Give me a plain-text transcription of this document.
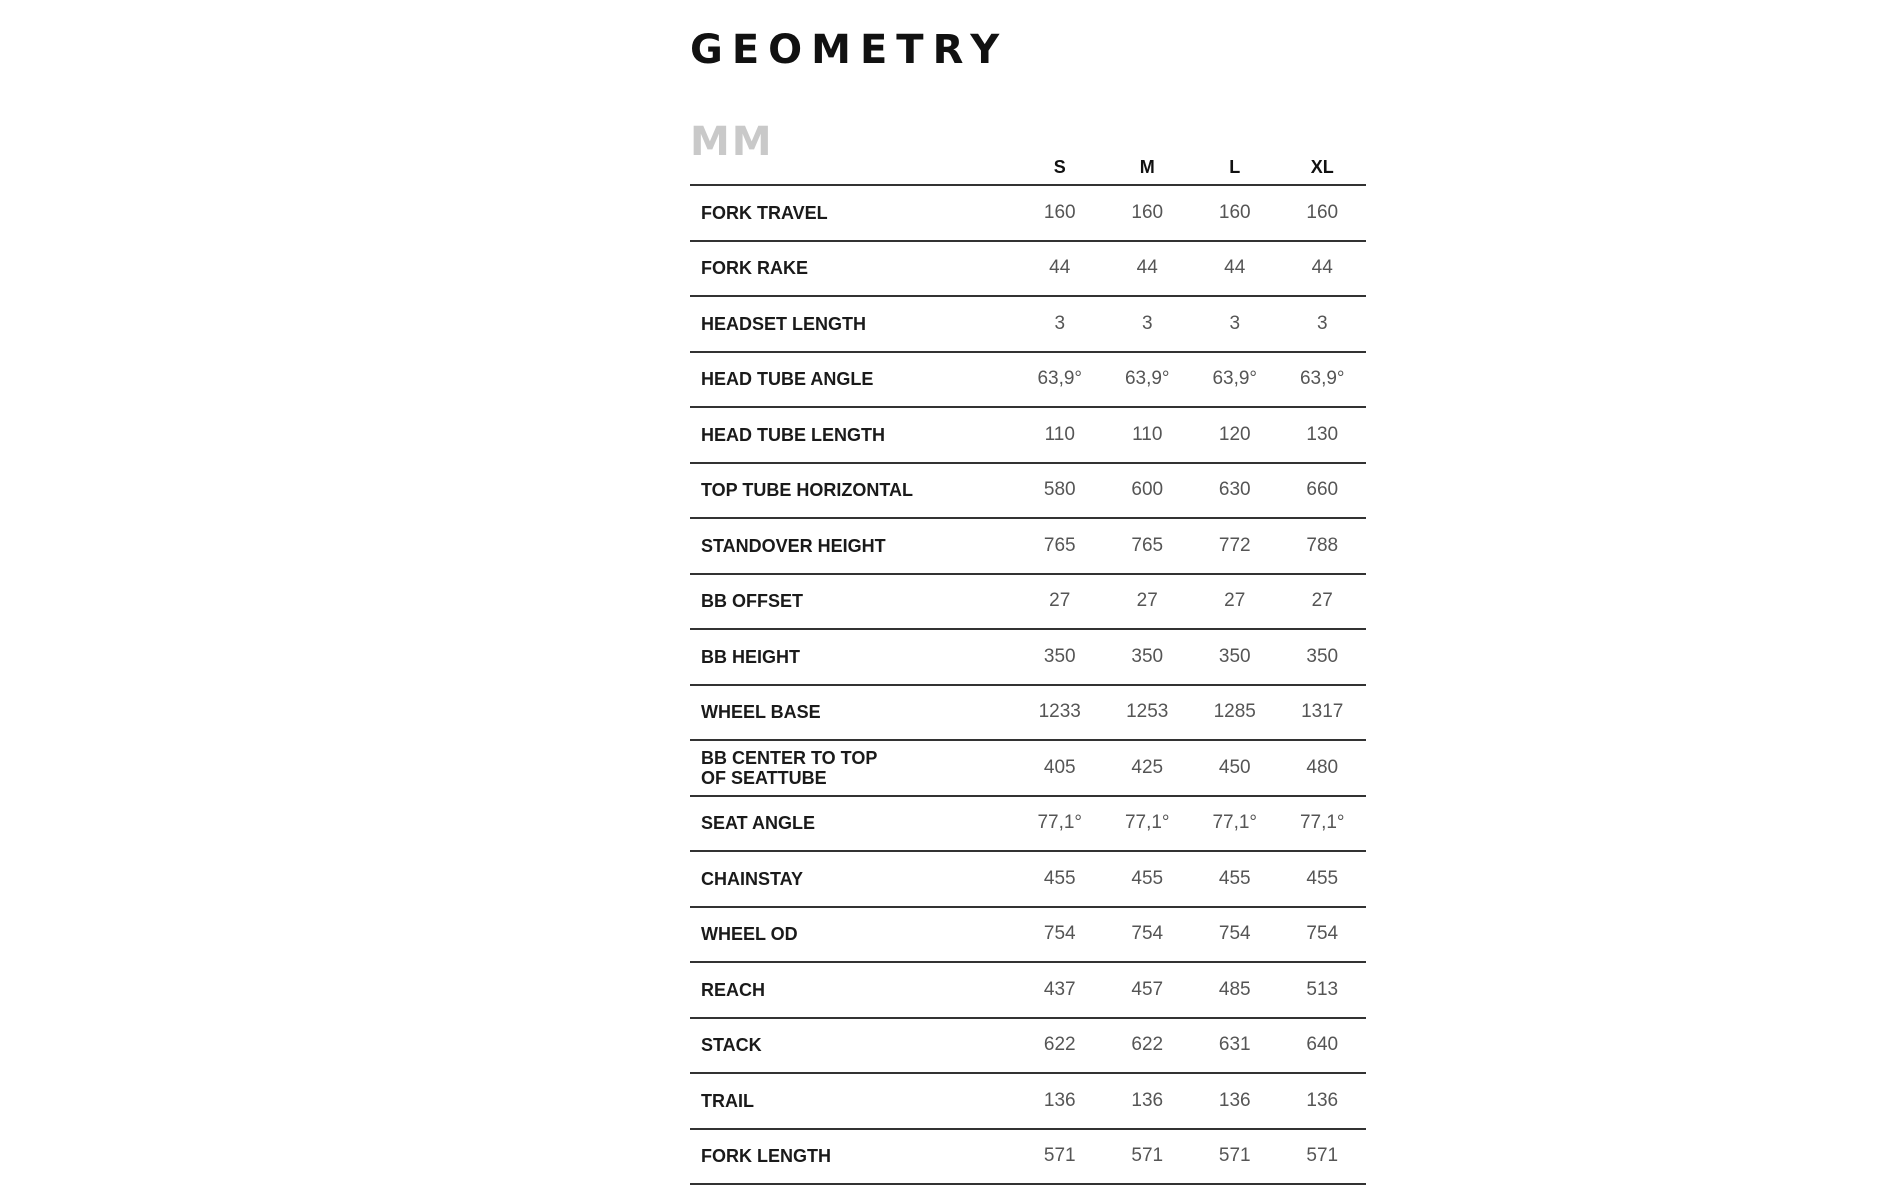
GEOMETRY
MM
	S	M	L	XL
FORK TRAVEL	160	160	160	160
FORK RAKE	44	44	44	44
HEADSET LENGTH	3	3	3	3
HEAD TUBE ANGLE	63,9°	63,9°	63,9°	63,9°
HEAD TUBE LENGTH	110	110	120	130
TOP TUBE HORIZONTAL	580	600	630	660
STANDOVER HEIGHT	765	765	772	788
BB OFFSET	27	27	27	27
BB HEIGHT	350	350	350	350
WHEEL BASE	1233	1253	1285	1317
BB CENTER TO TOP
OF SEATTUBE	405	425	450	480
SEAT ANGLE	77,1°	77,1°	77,1°	77,1°
CHAINSTAY	455	455	455	455
WHEEL OD	754	754	754	754
REACH	437	457	485	513
STACK	622	622	631	640
TRAIL	136	136	136	136
FORK LENGTH	571	571	571	571
